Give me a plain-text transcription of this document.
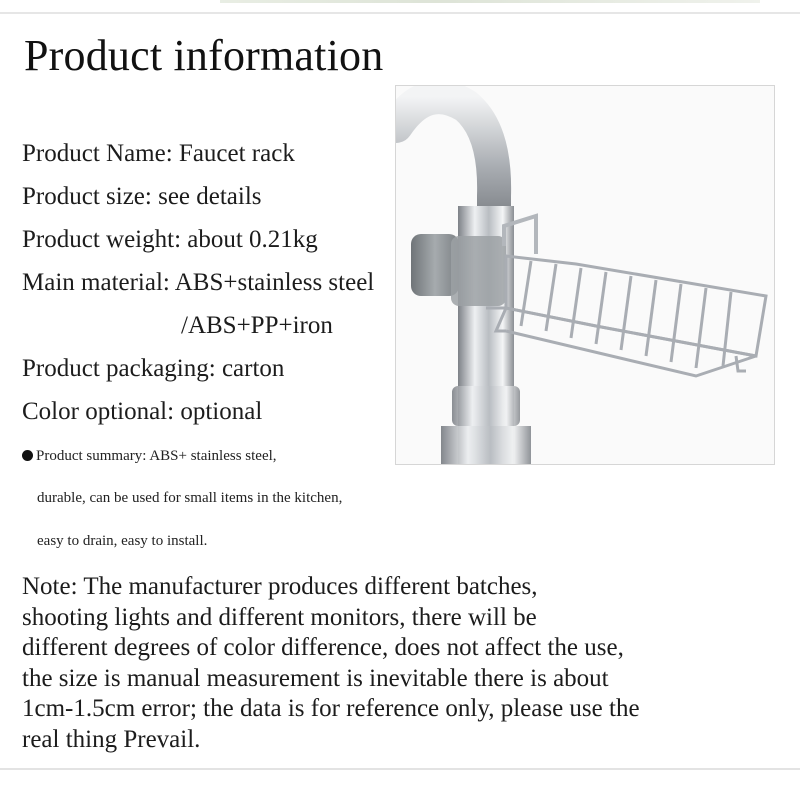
Product information
Product Name: Faucet rack
Product size: see details
Product weight: about 0.21kg
Main material: ABS+stainless steel
/ABS+PP+iron
Product packaging: carton
Color optional: optional
Product summary: ABS+ stainless steel,
durable, can be used for small items in the kitchen,
easy to drain, easy to install.
Note: The manufacturer produces different batches,
shooting lights and different monitors, there will be
different degrees of color difference, does not affect the use,
the size is manual measurement is inevitable there is about
1cm-1.5cm error; the data is for reference only, please use the
real thing Prevail.
